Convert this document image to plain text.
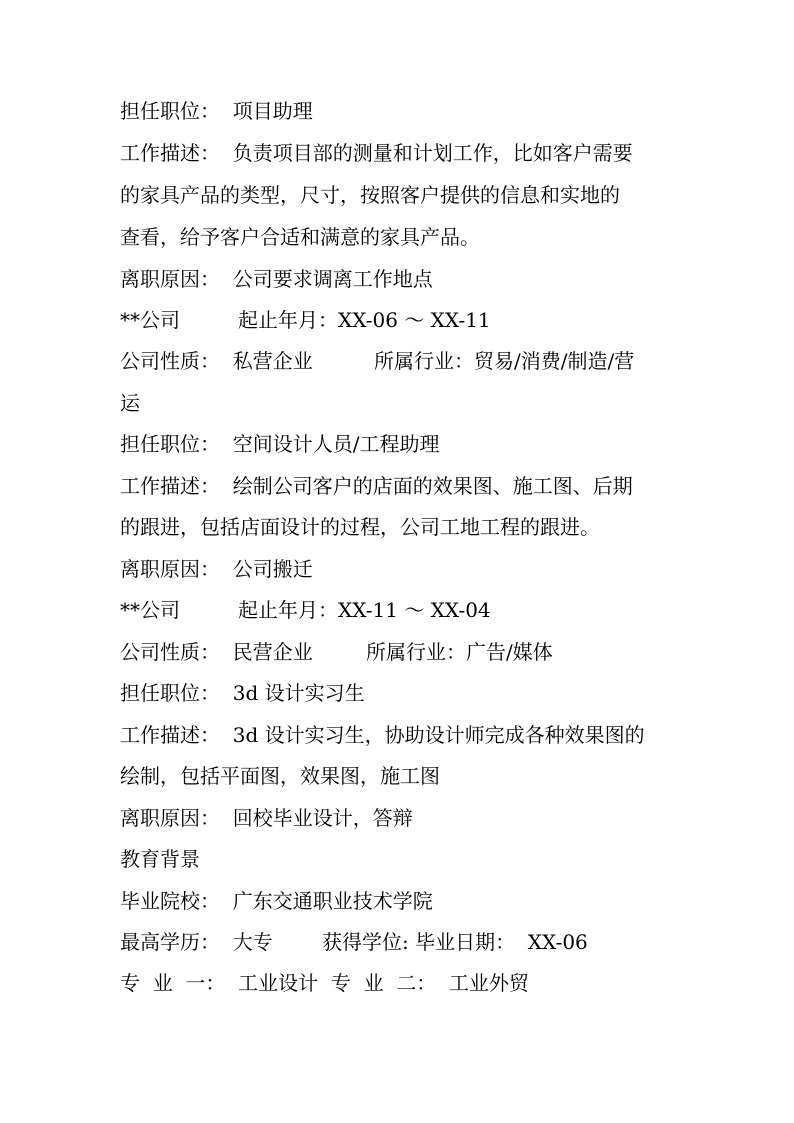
担任职位：  项目助理
工作描述：  负责项目部的测量和计划工作，比如客户需要
的家具产品的类型，尺寸，按照客户提供的信息和实地的
查看，给予客户合适和满意的家具产品。
离职原因：  公司要求调离工作地点
**公司	起止年月：XX-06 ～ XX-11
公司性质：  私营企业	所属行业：贸易/消费/制造/营
运
担任职位：  空间设计人员/工程助理
工作描述：  绘制公司客户的店面的效果图、施工图、后期
的跟进，包括店面设计的过程，公司工地工程的跟进。
离职原因：  公司搬迁
**公司	起止年月：XX-11 ～ XX-04
公司性质：  民营企业	所属行业：广告/媒体
担任职位：  3d 设计实习生
工作描述：  3d 设计实习生，协助设计师完成各种效果图的
绘制，包括平面图，效果图，施工图
离职原因：  回校毕业设计，答辩
教育背景
毕业院校：  广东交通职业技术学院
最高学历：  大专 获得学位: 毕业日期：  XX-06
专  业  一：  工业设计  专  业  二：  工业外贸
